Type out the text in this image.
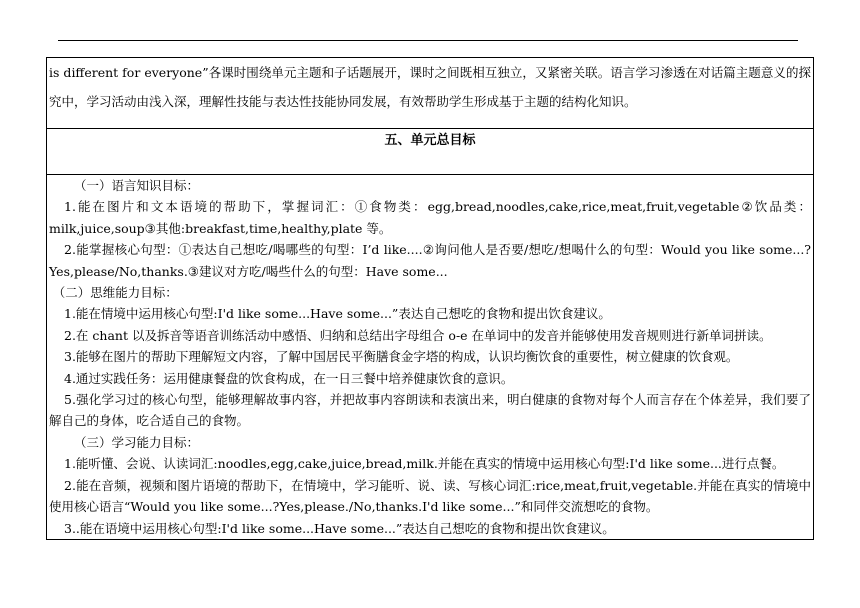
is different for everyone”各课时围绕单元主题和子话题展开，课时之间既相互独立，又紧密关联。语言学习渗透在对话篇主题意义的探究中，学习活动由浅入深，理解性技能与表达性技能协同发展，有效帮助学生形成基于主题的结构化知识。

五、单元总目标

（一）语言知识目标：

1.能在图片和文本语境的帮助下，掌握词汇：①食物类：egg,bread,noodles,cake,rice,meat,fruit,vegetable②饮品类：milk,juice,soup③其他:breakfast,time,healthy,plate 等。

2.能掌握核心句型：①表达自己想吃/喝哪些的句型：I’d like....②询问他人是否要/想吃/想喝什么的句型：Would you like some...?Yes,please/No,thanks.③建议对方吃/喝些什么的句型：Have some...

（二）思维能力目标：

1.能在情境中运用核心句型:I'd like some...Have some...”表达自己想吃的食物和提出饮食建议。

2.在 chant 以及拆音等语音训练活动中感悟、归纳和总结出字母组合 o-e 在单词中的发音并能够使用发音规则进行新单词拼读。

3.能够在图片的帮助下理解短文内容，了解中国居民平衡膳食金字塔的构成，认识均衡饮食的重要性，树立健康的饮食观。

4.通过实践任务：运用健康餐盘的饮食构成，在一日三餐中培养健康饮食的意识。

5.强化学习过的核心句型，能够理解故事内容，并把故事内容朗读和表演出来，明白健康的食物对每个人而言存在个体差异，我们要了解自己的身体，吃合适自己的食物。

（三）学习能力目标：

1.能听懂、会说、认读词汇:noodles,egg,cake,juice,bread,milk.并能在真实的情境中运用核心句型:I'd like some...进行点餐。

2.能在音频，视频和图片语境的帮助下，在情境中，学习能听、说、读、写核心词汇:rice,meat,fruit,vegetable.并能在真实的情境中使用核心语言“Would you like some...?Yes,please./No,thanks.I'd like some...”和同伴交流想吃的食物。

3..能在语境中运用核心句型:I'd like some...Have some...”表达自己想吃的食物和提出饮食建议。
